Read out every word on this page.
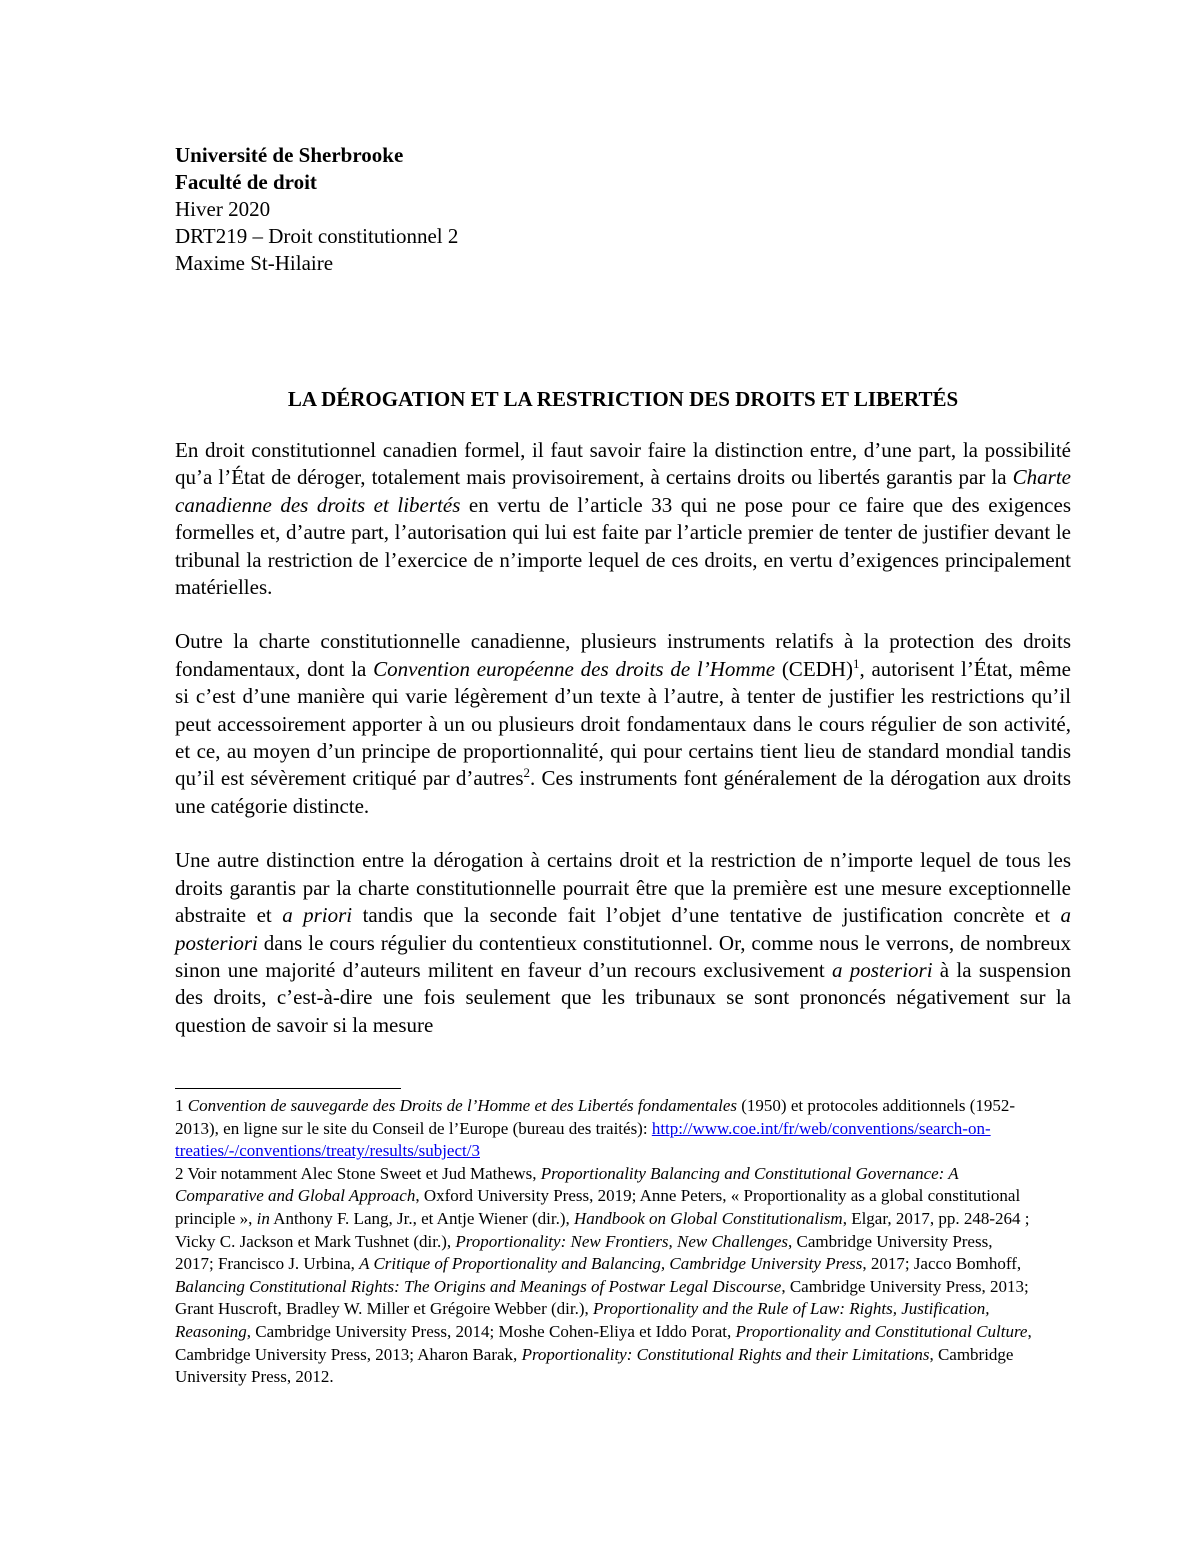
Université de Sherbrooke
Faculté de droit
Hiver 2020
DRT219 – Droit constitutionnel 2
Maxime St-Hilaire
LA DÉROGATION ET LA RESTRICTION DES DROITS ET LIBERTÉS

En droit constitutionnel canadien formel, il faut savoir faire la distinction entre, d’une part, la possibilité qu’a l’État de déroger, totalement mais provisoirement, à certains droits ou libertés garantis par la Charte canadienne des droits et libertés en vertu de l’article 33 qui ne pose pour ce faire que des exigences formelles et, d’autre part, l’autorisation qui lui est faite par l’article premier de tenter de justifier devant le tribunal la restriction de l’exercice de n’importe lequel de ces droits, en vertu d’exigences principalement matérielles.

Outre la charte constitutionnelle canadienne, plusieurs instruments relatifs à la protection des droits fondamentaux, dont la Convention européenne des droits de l’Homme (CEDH)$^1$, autorisent l’État, même si c’est d’une manière qui varie légèrement d’un texte à l’autre, à tenter de justifier les restrictions qu’il peut accessoirement apporter à un ou plusieurs droit fondamentaux dans le cours régulier de son activité, et ce, au moyen d’un principe de proportionnalité, qui pour certains tient lieu de standard mondial tandis qu’il est sévèrement critiqué par d’autres$^2$. Ces instruments font généralement de la dérogation aux droits une catégorie distincte.

Une autre distinction entre la dérogation à certains droit et la restriction de n’importe lequel de tous les droits garantis par la charte constitutionnelle pourrait être que la première est une mesure exceptionnelle abstraite et a priori tandis que la seconde fait l’objet d’une tentative de justification concrète et a posteriori dans le cours régulier du contentieux constitutionnel. Or, comme nous le verrons, de nombreux sinon une majorité d’auteurs militent en faveur d’un recours exclusivement a posteriori à la suspension des droits, c’est-à-dire une fois seulement que les tribunaux se sont prononcés négativement sur la question de savoir si la mesure

1 Convention de sauvegarde des Droits de l’Homme et des Libertés fondamentales (1950) et protocoles additionnels (1952-2013), en ligne sur le site du Conseil de l’Europe (bureau des traités): http://www.coe.int/fr/web/conventions/search-on-treaties/-/conventions/treaty/results/subject/3

2 Voir notamment Alec Stone Sweet et Jud Mathews, Proportionality Balancing and Constitutional Governance: A Comparative and Global Approach, Oxford University Press, 2019; Anne Peters, « Proportionality as a global constitutional principle », in Anthony F. Lang, Jr., et Antje Wiener (dir.), Handbook on Global Constitutionalism, Elgar, 2017, pp. 248-264 ; Vicky C. Jackson et Mark Tushnet (dir.), Proportionality: New Frontiers, New Challenges, Cambridge University Press, 2017; Francisco J. Urbina, A Critique of Proportionality and Balancing, Cambridge University Press, 2017; Jacco Bomhoff, Balancing Constitutional Rights: The Origins and Meanings of Postwar Legal Discourse, Cambridge University Press, 2013; Grant Huscroft, Bradley W. Miller et Grégoire Webber (dir.), Proportionality and the Rule of Law: Rights, Justification, Reasoning, Cambridge University Press, 2014; Moshe Cohen-Eliya et Iddo Porat, Proportionality and Constitutional Culture, Cambridge University Press, 2013; Aharon Barak, Proportionality: Constitutional Rights and their Limitations, Cambridge University Press, 2012.
